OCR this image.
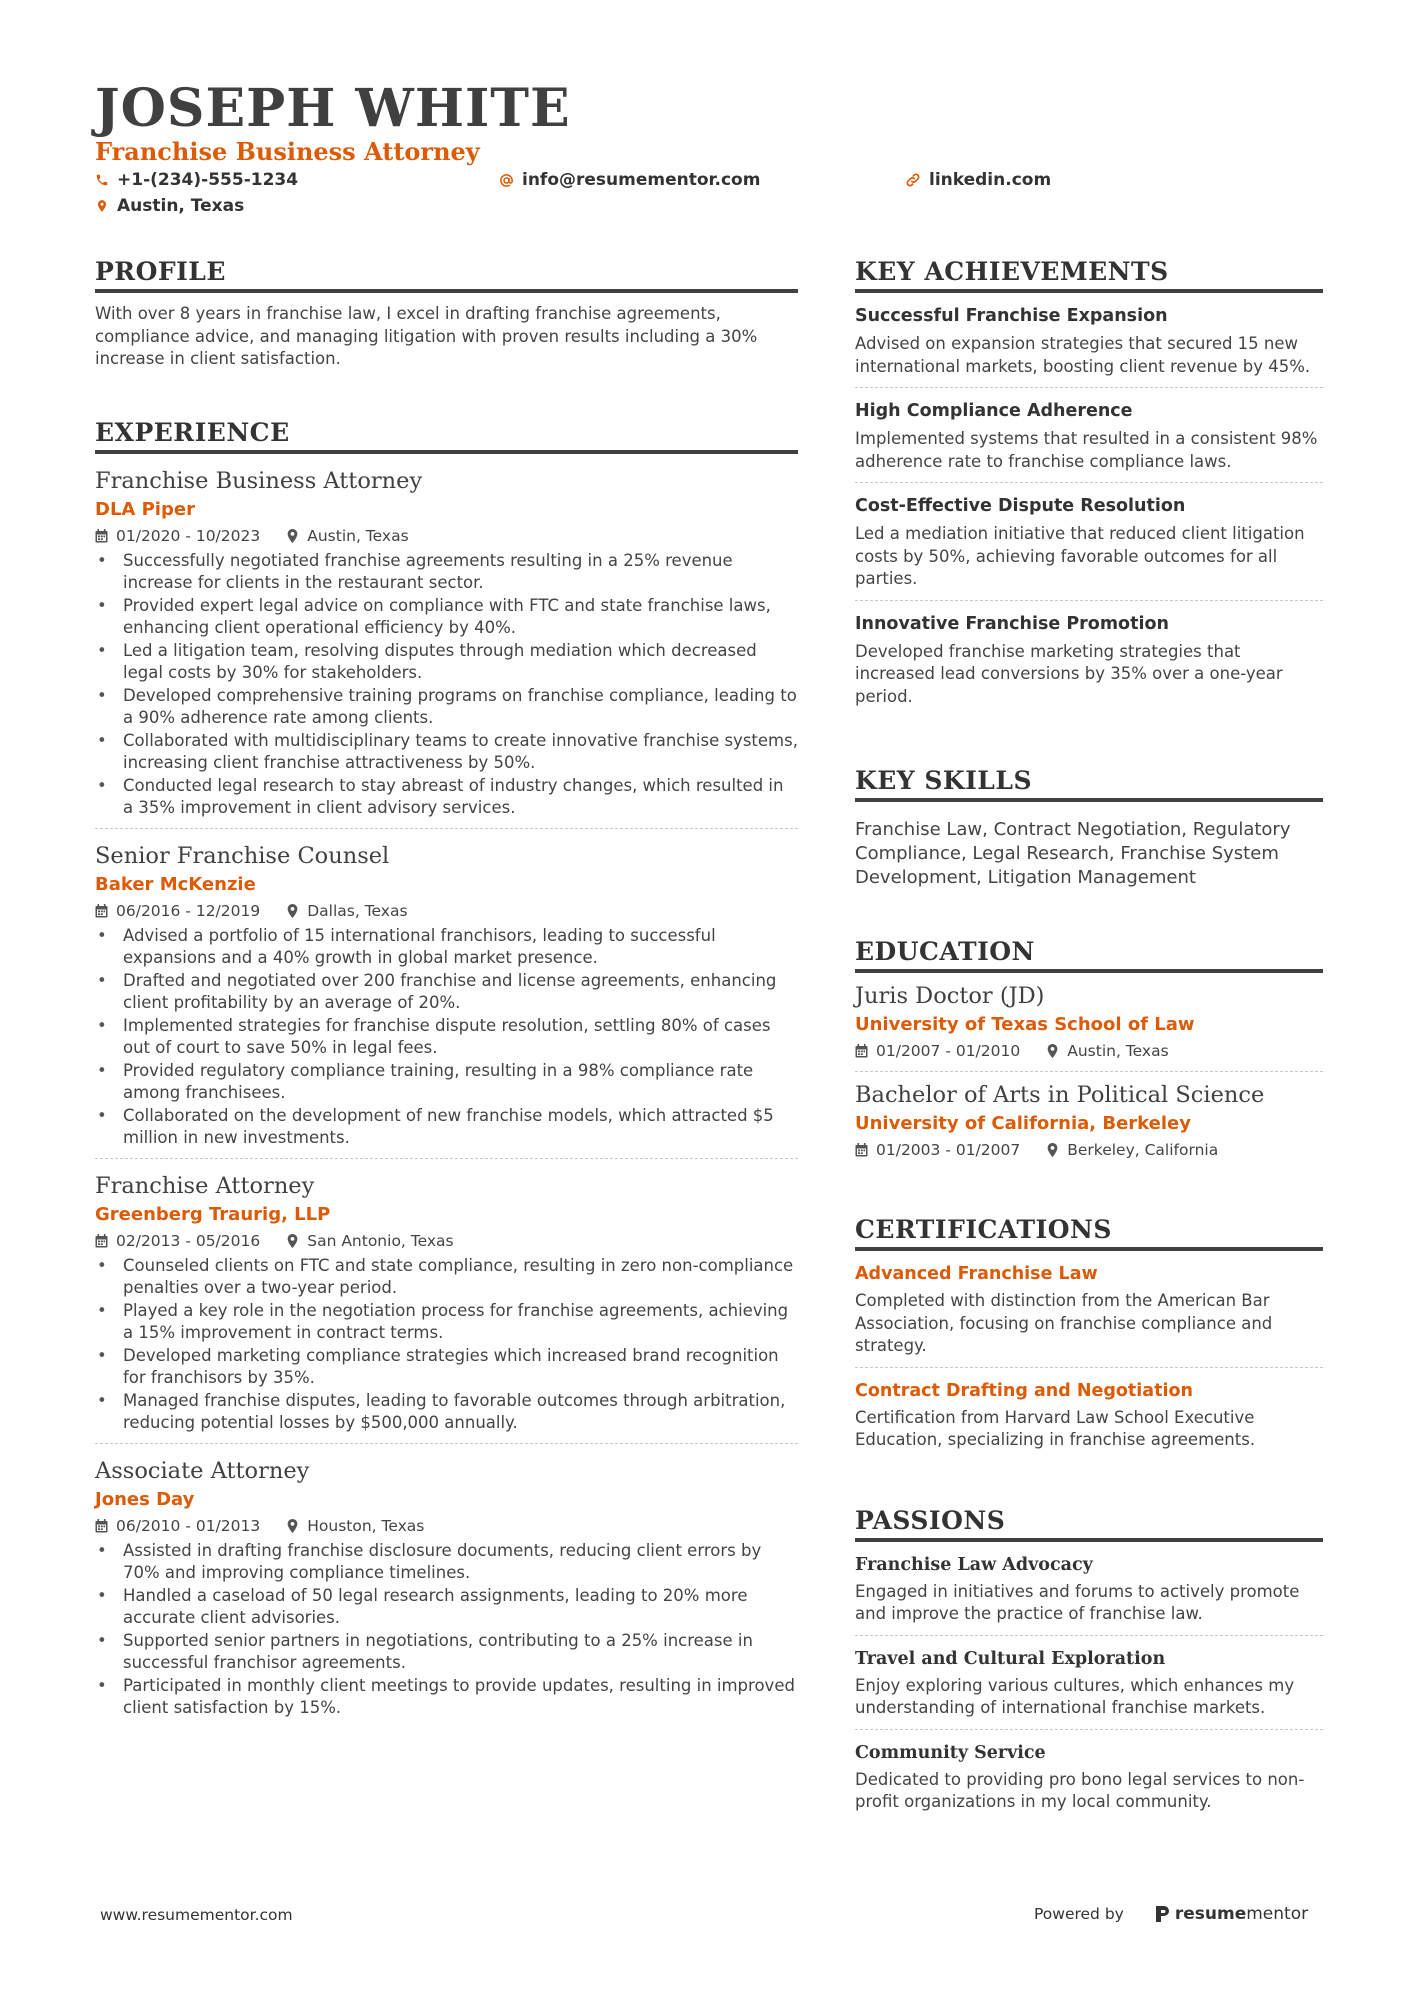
JOSEPH WHITE
Franchise Business Attorney
+1-(234)-555-1234	info@resumementor.com	linkedin.com
Austin, Texas
PROFILE
With over 8 years in franchise law, I excel in drafting franchise agreements, compliance advice, and managing litigation with proven results including a 30% increase in client satisfaction.
EXPERIENCE
Franchise Business Attorney
DLA Piper
01/2020 - 10/2023	Austin, Texas
• Successfully negotiated franchise agreements resulting in a 25% revenue increase for clients in the restaurant sector.
• Provided expert legal advice on compliance with FTC and state franchise laws, enhancing client operational efficiency by 40%.
• Led a litigation team, resolving disputes through mediation which decreased legal costs by 30% for stakeholders.
• Developed comprehensive training programs on franchise compliance, leading to a 90% adherence rate among clients.
• Collaborated with multidisciplinary teams to create innovative franchise systems, increasing client franchise attractiveness by 50%.
• Conducted legal research to stay abreast of industry changes, which resulted in a 35% improvement in client advisory services.
Senior Franchise Counsel
Baker McKenzie
06/2016 - 12/2019	Dallas, Texas
• Advised a portfolio of 15 international franchisors, leading to successful expansions and a 40% growth in global market presence.
• Drafted and negotiated over 200 franchise and license agreements, enhancing client profitability by an average of 20%.
• Implemented strategies for franchise dispute resolution, settling 80% of cases out of court to save 50% in legal fees.
• Provided regulatory compliance training, resulting in a 98% compliance rate among franchisees.
• Collaborated on the development of new franchise models, which attracted $5 million in new investments.
Franchise Attorney
Greenberg Traurig, LLP
02/2013 - 05/2016	San Antonio, Texas
• Counseled clients on FTC and state compliance, resulting in zero non-compliance penalties over a two-year period.
• Played a key role in the negotiation process for franchise agreements, achieving a 15% improvement in contract terms.
• Developed marketing compliance strategies which increased brand recognition for franchisors by 35%.
• Managed franchise disputes, leading to favorable outcomes through arbitration, reducing potential losses by $500,000 annually.
Associate Attorney
Jones Day
06/2010 - 01/2013	Houston, Texas
• Assisted in drafting franchise disclosure documents, reducing client errors by 70% and improving compliance timelines.
• Handled a caseload of 50 legal research assignments, leading to 20% more accurate client advisories.
• Supported senior partners in negotiations, contributing to a 25% increase in successful franchisor agreements.
• Participated in monthly client meetings to provide updates, resulting in improved client satisfaction by 15%.
KEY ACHIEVEMENTS
Successful Franchise Expansion
Advised on expansion strategies that secured 15 new international markets, boosting client revenue by 45%.
High Compliance Adherence
Implemented systems that resulted in a consistent 98% adherence rate to franchise compliance laws.
Cost-Effective Dispute Resolution
Led a mediation initiative that reduced client litigation costs by 50%, achieving favorable outcomes for all parties.
Innovative Franchise Promotion
Developed franchise marketing strategies that increased lead conversions by 35% over a one-year period.
KEY SKILLS
Franchise Law, Contract Negotiation, Regulatory Compliance, Legal Research, Franchise System Development, Litigation Management
EDUCATION
Juris Doctor (JD)
University of Texas School of Law
01/2007 - 01/2010	Austin, Texas
Bachelor of Arts in Political Science
University of California, Berkeley
01/2003 - 01/2007	Berkeley, California
CERTIFICATIONS
Advanced Franchise Law
Completed with distinction from the American Bar Association, focusing on franchise compliance and strategy.
Contract Drafting and Negotiation
Certification from Harvard Law School Executive Education, specializing in franchise agreements.
PASSIONS
Franchise Law Advocacy
Engaged in initiatives and forums to actively promote and improve the practice of franchise law.
Travel and Cultural Exploration
Enjoy exploring various cultures, which enhances my understanding of international franchise markets.
Community Service
Dedicated to providing pro bono legal services to non-profit organizations in my local community.
www.resumementor.com	Powered by	resume mentor
